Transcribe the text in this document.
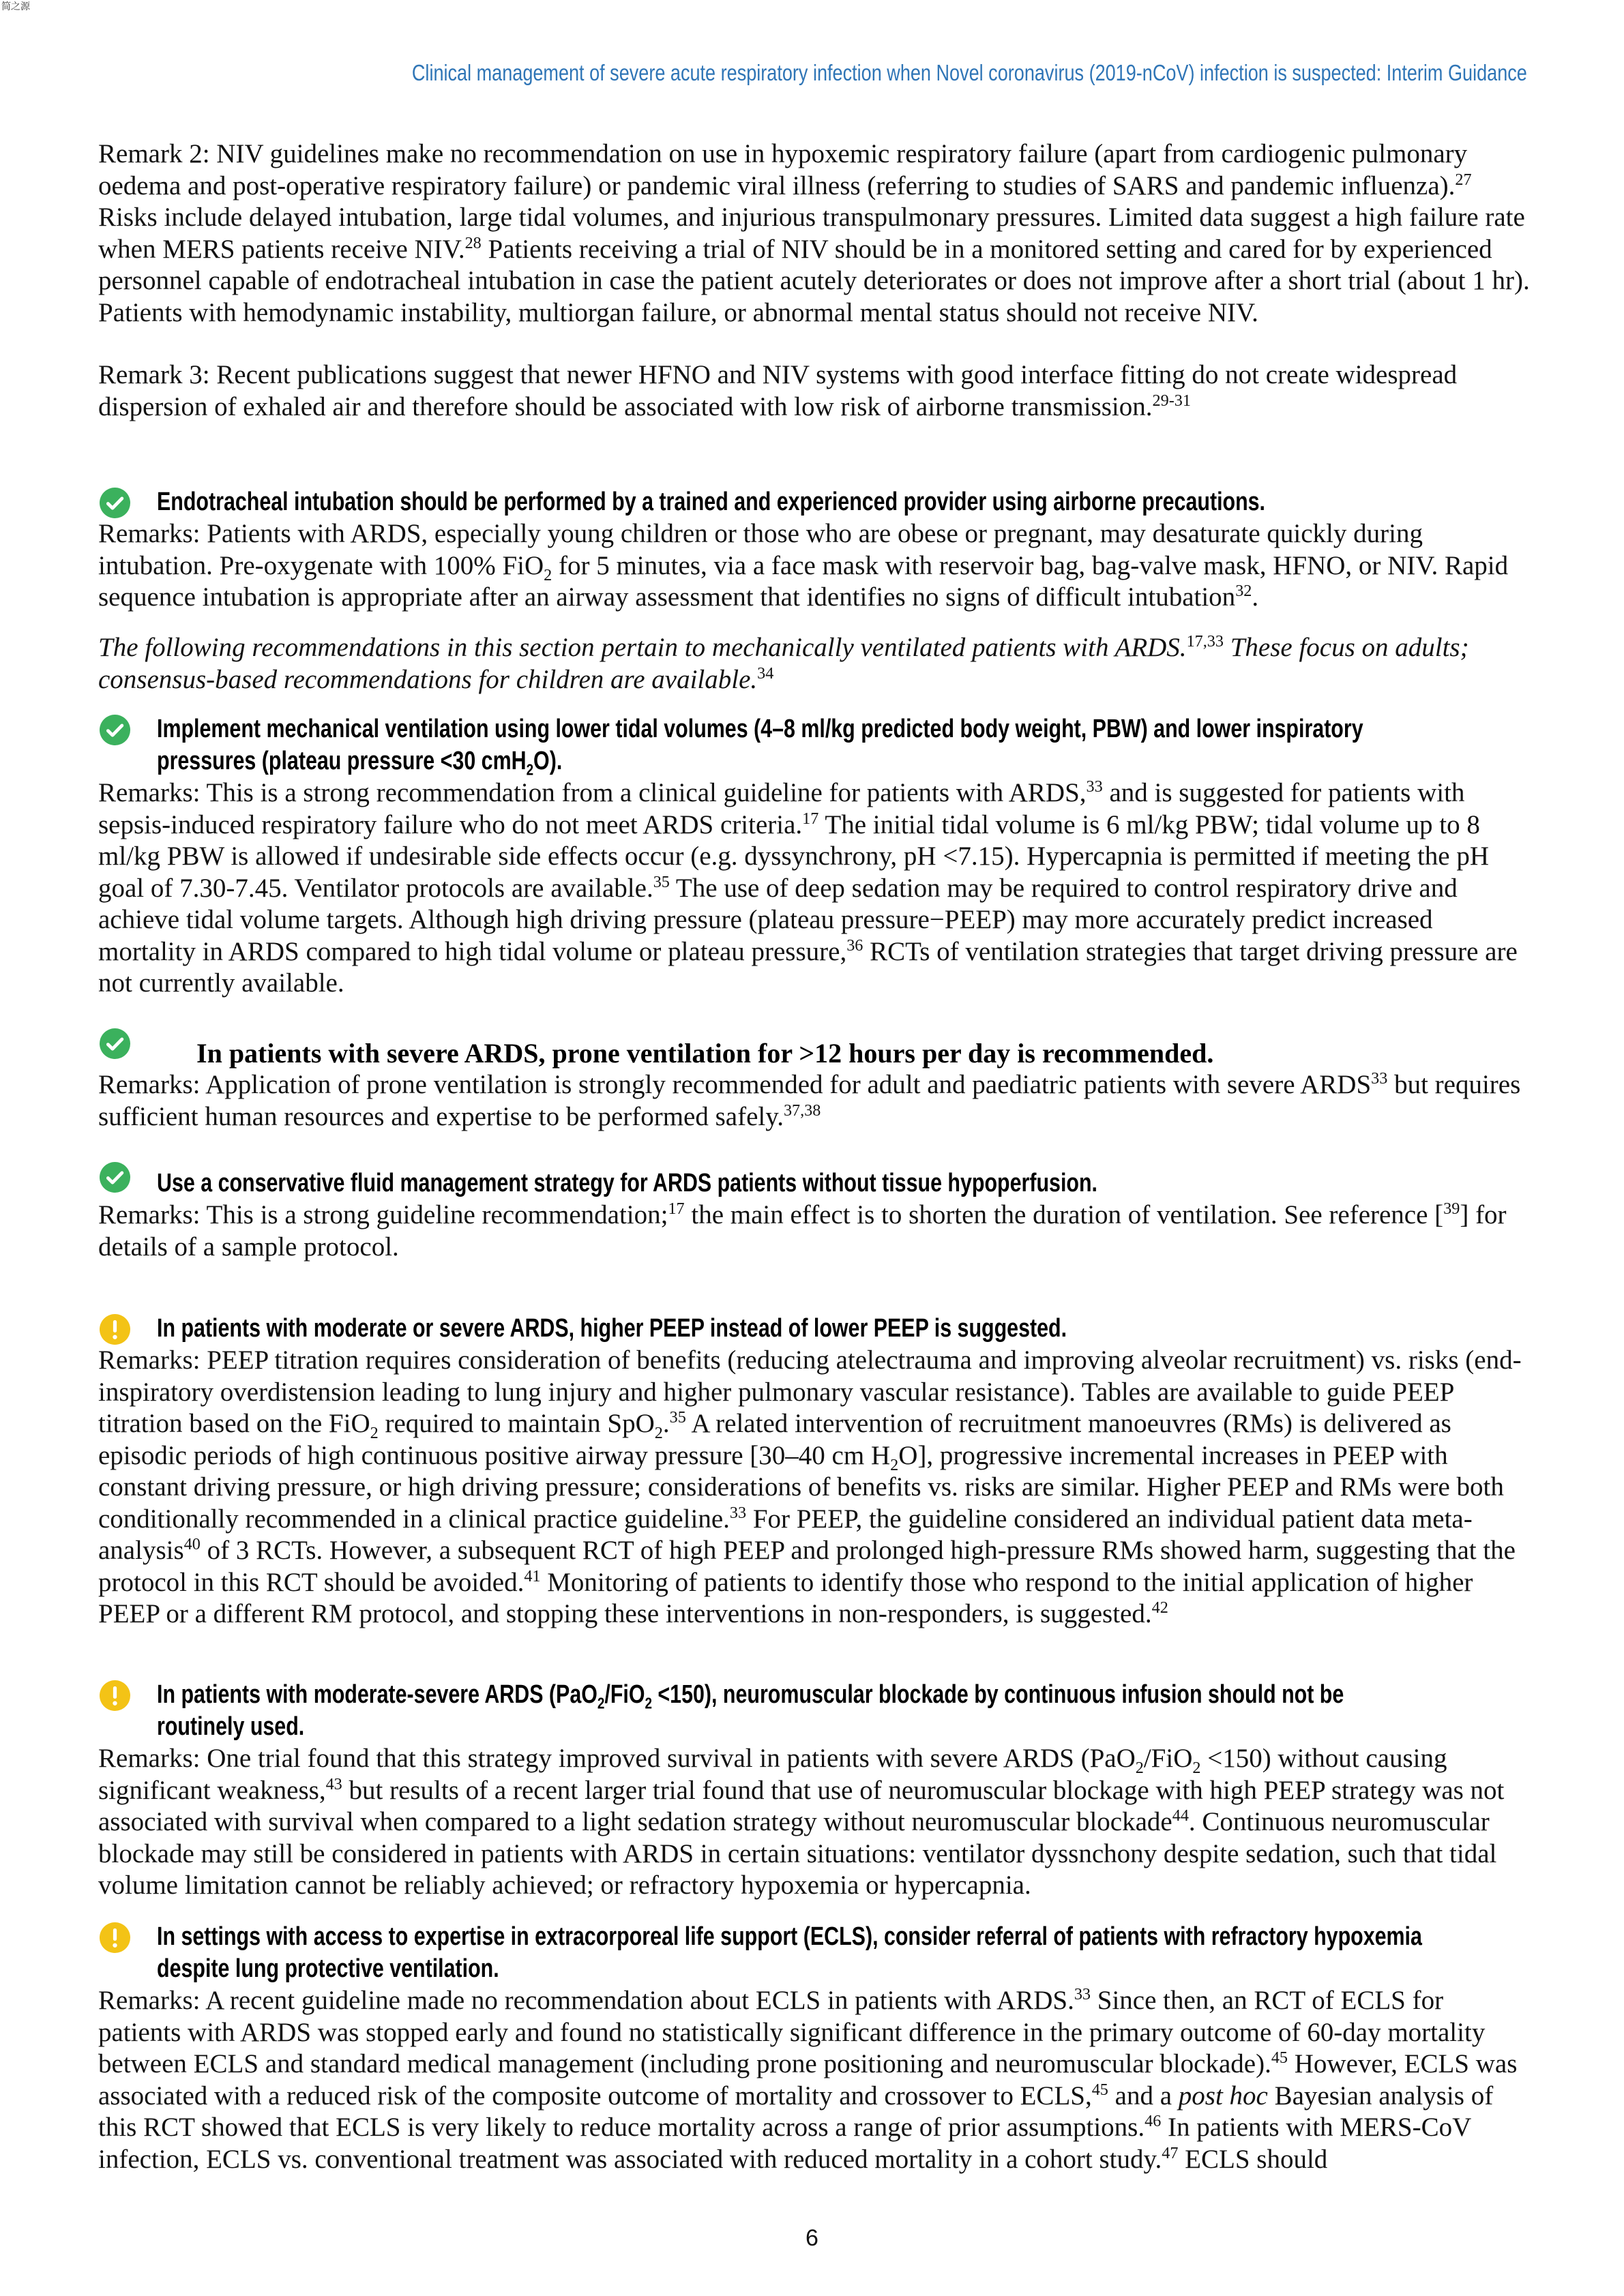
简之源
Clinical management of severe acute respiratory infection when Novel coronavirus (2019-nCoV) infection is suspected: Interim Guidance
Remark 2: NIV guidelines make no recommendation on use in hypoxemic respiratory failure (apart from cardiogenic pulmonary oedema and post-operative respiratory failure) or pandemic viral illness (referring to studies of SARS and pandemic influenza).$^{27}$ Risks include delayed intubation, large tidal volumes, and injurious transpulmonary pressures. Limited data suggest a high failure rate when MERS patients receive NIV.$^{28}$ Patients receiving a trial of NIV should be in a monitored setting and cared for by experienced personnel capable of endotracheal intubation in case the patient acutely deteriorates or does not improve after a short trial (about 1 hr). Patients with hemodynamic instability, multiorgan failure, or abnormal mental status should not receive NIV.
Remark 3: Recent publications suggest that newer HFNO and NIV systems with good interface fitting do not create widespread dispersion of exhaled air and therefore should be associated with low risk of airborne transmission.$^{29-31}$
Endotracheal intubation should be performed by a trained and experienced provider using airborne precautions.
Remarks: Patients with ARDS, especially young children or those who are obese or pregnant, may desaturate quickly during intubation. Pre-oxygenate with 100% FiO$_2$ for 5 minutes, via a face mask with reservoir bag, bag-valve mask, HFNO, or NIV. Rapid sequence intubation is appropriate after an airway assessment that identifies no signs of difficult intubation$^{32}$.
The following recommendations in this section pertain to mechanically ventilated patients with ARDS.$^{17,33}$ These focus on adults; consensus-based recommendations for children are available.$^{34}$
Implement mechanical ventilation using lower tidal volumes (4–8 ml/kg predicted body weight, PBW) and lower inspiratory
pressures (plateau pressure <30 cmH$_2$O).
Remarks: This is a strong recommendation from a clinical guideline for patients with ARDS,$^{33}$ and is suggested for patients with sepsis-induced respiratory failure who do not meet ARDS criteria.$^{17}$ The initial tidal volume is 6 ml/kg PBW; tidal volume up to 8 ml/kg PBW is allowed if undesirable side effects occur (e.g. dyssynchrony, pH <7.15). Hypercapnia is permitted if meeting the pH goal of 7.30-7.45. Ventilator protocols are available.$^{35}$ The use of deep sedation may be required to control respiratory drive and achieve tidal volume targets. Although high driving pressure (plateau pressure−PEEP) may more accurately predict increased mortality in ARDS compared to high tidal volume or plateau pressure,$^{36}$ RCTs of ventilation strategies that target driving pressure are not currently available.
In patients with severe ARDS, prone ventilation for >12 hours per day is recommended.
Remarks: Application of prone ventilation is strongly recommended for adult and paediatric patients with severe ARDS$^{33}$ but requires sufficient human resources and expertise to be performed safely.$^{37,38}$
Use a conservative fluid management strategy for ARDS patients without tissue hypoperfusion.
Remarks: This is a strong guideline recommendation;$^{17}$ the main effect is to shorten the duration of ventilation. See reference [$^{39}$] for details of a sample protocol.
In patients with moderate or severe ARDS, higher PEEP instead of lower PEEP is suggested.
Remarks: PEEP titration requires consideration of benefits (reducing atelectrauma and improving alveolar recruitment) vs. risks (end-inspiratory overdistension leading to lung injury and higher pulmonary vascular resistance). Tables are available to guide PEEP titration based on the FiO$_2$ required to maintain SpO$_2$.$^{35}$ A related intervention of recruitment manoeuvres (RMs) is delivered as episodic periods of high continuous positive airway pressure [30–40 cm $H_2O$], progressive incremental increases in PEEP with constant driving pressure, or high driving pressure; considerations of benefits vs. risks are similar. Higher PEEP and RMs were both conditionally recommended in a clinical practice guideline.$^{33}$ For PEEP, the guideline considered an individual patient data meta-analysis$^{40}$ of 3 RCTs. However, a subsequent RCT of high PEEP and prolonged high-pressure RMs showed harm, suggesting that the protocol in this RCT should be avoided.$^{41}$ Monitoring of patients to identify those who respond to the initial application of higher PEEP or a different RM protocol, and stopping these interventions in non-responders, is suggested.$^{42}$
In patients with moderate-severe ARDS (PaO$_2$/FiO$_2$ <150), neuromuscular blockade by continuous infusion should not be
routinely used.
Remarks: One trial found that this strategy improved survival in patients with severe ARDS (PaO$_2$/FiO$_2$ <150) without causing significant weakness,$^{43}$ but results of a recent larger trial found that use of neuromuscular blockage with high PEEP strategy was not associated with survival when compared to a light sedation strategy without neuromuscular blockade$^{44}$. Continuous neuromuscular blockade may still be considered in patients with ARDS in certain situations: ventilator dyssnchony despite sedation, such that tidal volume limitation cannot be reliably achieved; or refractory hypoxemia or hypercapnia.
In settings with access to expertise in extracorporeal life support (ECLS), consider referral of patients with refractory hypoxemia
despite lung protective ventilation.
Remarks: A recent guideline made no recommendation about ECLS in patients with ARDS.$^{33}$ Since then, an RCT of ECLS for patients with ARDS was stopped early and found no statistically significant difference in the primary outcome of 60-day mortality between ECLS and standard medical management (including prone positioning and neuromuscular blockade).$^{45}$ However, ECLS was associated with a reduced risk of the composite outcome of mortality and crossover to ECLS,$^{45}$ and a post hoc Bayesian analysis of this RCT showed that ECLS is very likely to reduce mortality across a range of prior assumptions.$^{46}$ In patients with MERS-CoV infection, ECLS vs. conventional treatment was associated with reduced mortality in a cohort study.$^{47}$ ECLS should
6
